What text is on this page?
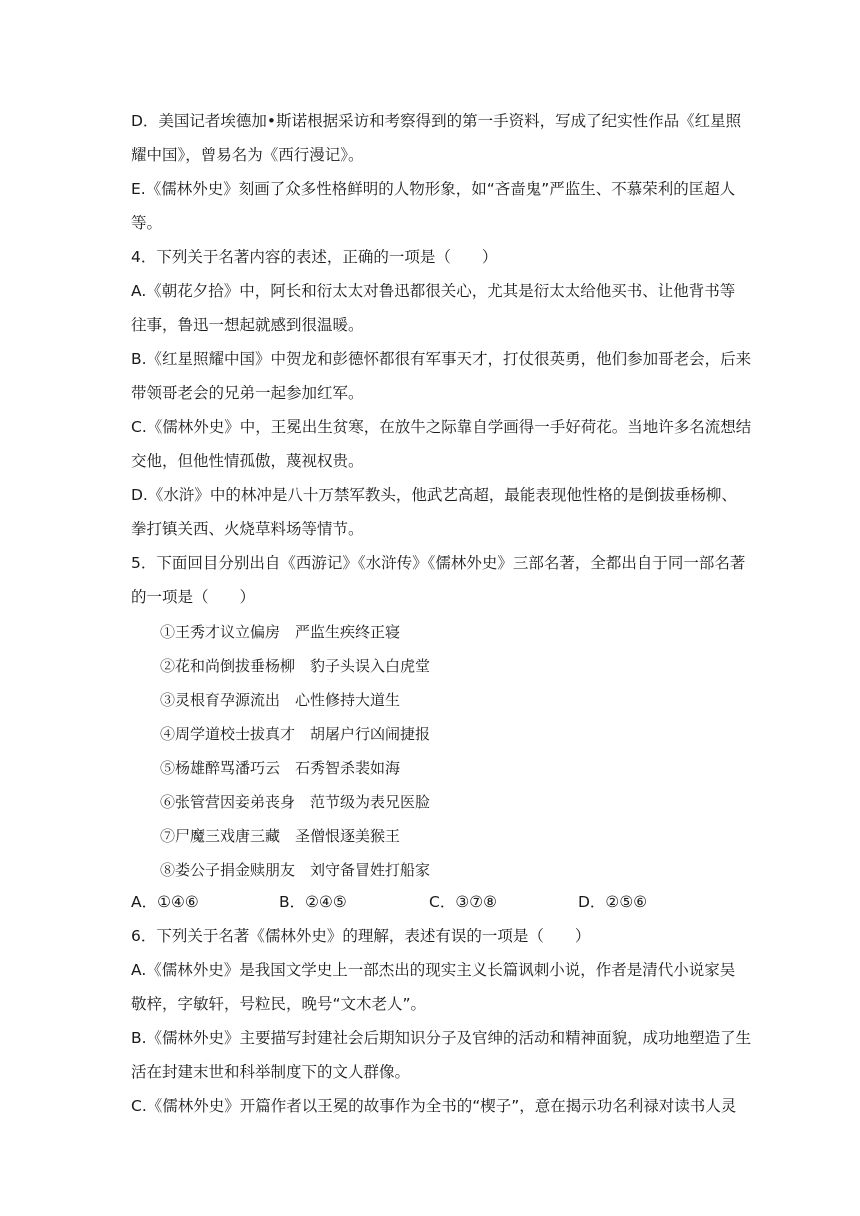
D．美国记者埃德加•斯诺根据采访和考察得到的第一手资料，写成了纪实性作品《红星照
耀中国》，曾易名为《西行漫记》。
E.《儒林外史》刻画了众多性格鲜明的人物形象，如“吝啬鬼”严监生、不慕荣利的匡超人
等。
4．下列关于名著内容的表述，正确的一项是（　　）
A.《朝花夕拾》中，阿长和衍太太对鲁迅都很关心，尤其是衍太太给他买书、让他背书等
往事，鲁迅一想起就感到很温暖。
B.《红星照耀中国》中贺龙和彭德怀都很有军事天才，打仗很英勇，他们参加哥老会，后来
带领哥老会的兄弟一起参加红军。
C.《儒林外史》中，王冕出生贫寒，在放牛之际靠自学画得一手好荷花。当地许多名流想结
交他，但他性情孤傲，蔑视权贵。
D.《水浒》中的林冲是八十万禁军教头，他武艺高超，最能表现他性格的是倒拔垂杨柳、
拳打镇关西、火烧草料场等情节。
5．下面回目分别出自《西游记》《水浒传》《儒林外史》三部名著，全都出自于同一部名著
的一项是（　　）
①王秀才议立偏房　严监生疾终正寝
②花和尚倒拔垂杨柳　豹子头误入白虎堂
③灵根育孕源流出　心性修持大道生
④周学道校士拔真才　胡屠户行凶闹捷报
⑤杨雄醉骂潘巧云　石秀智杀裴如海
⑥张管营因妾弟丧身　范节级为表兄医脸
⑦尸魔三戏唐三藏　圣僧恨逐美猴王
⑧娄公子捐金赎朋友　刘守备冒姓打船家
A．①④⑥	B．②④⑤	C．③⑦⑧	D．②⑤⑥
6．下列关于名著《儒林外史》的理解，表述有误的一项是（　　）
A.《儒林外史》是我国文学史上一部杰出的现实主义长篇讽刺小说，作者是清代小说家吴
敬梓，字敏轩，号粒民，晚号“文木老人”。
B.《儒林外史》主要描写封建社会后期知识分子及官绅的活动和精神面貌，成功地塑造了生
活在封建末世和科举制度下的文人群像。
C.《儒林外史》开篇作者以王冕的故事作为全书的“楔子”，意在揭示功名利禄对读书人灵
